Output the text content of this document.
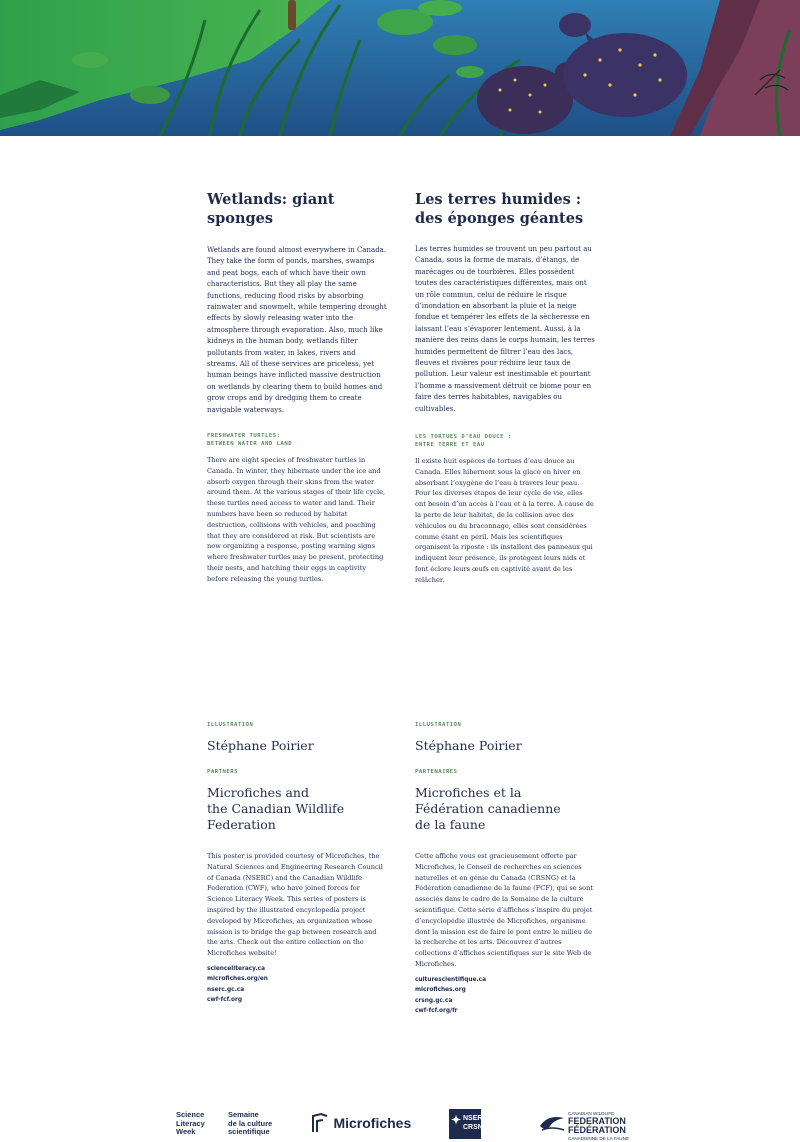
Wetlands: giant sponges

Wetlands are found almost everywhere in Canada. They take the form of ponds, marshes, swamps and peat bogs, each of which have their own characteristics. But they all play the same functions, reducing flood risks by absorbing rainwater and snowmelt, while tempering drought effects by slowly releasing water into the atmosphere through evaporation. Also, much like kidneys in the human body, wetlands filter pollutants from water, in lakes, rivers and streams. All of these services are priceless, yet human beings have inflicted massive destruction on wetlands by clearing them to build homes and grow crops and by dredging them to create navigable waterways.

FRESHWATER TURTLES:
BETWEEN WATER AND LAND

There are eight species of freshwater turtles in Canada. In winter, they hibernate under the ice and absorb oxygen through their skins from the water around them. At the various stages of their life cycle, these turtles need access to water and land. Their numbers have been so reduced by habitat destruction, collisions with vehicles, and poaching that they are considered at risk. But scientists are now organizing a response, posting warning signs where freshwater turtles may be present, protecting their nests, and hatching their eggs in captivity before releasing the young turtles.

Les terres humides :
des éponges géantes

Les terres humides se trouvent un peu partout au Canada, sous la forme de marais, d’étangs, de marécages ou de tourbières. Elles possèdent toutes des caractéristiques différentes, mais ont un rôle commun, celui de réduire le risque d’inondation en absorbant la pluie et la neige fondue et tempérer les effets de la sècheresse en laissant l’eau s’évaporer lentement. Aussi, à la manière des reins dans le corps humain, les terres humides permettent de filtrer l’eau des lacs, fleuves et rivières pour réduire leur taux de pollution. Leur valeur est inestimable et pourtant l’homme a massivement détruit ce biome pour en faire des terres habitables, navigables ou cultivables.

LES TORTUES D’EAU DOUCE :
ENTRE TERRE ET EAU

Il existe huit espèces de tortues d’eau douce au Canada. Elles hibernent sous la glace en hiver en absorbant l’oxygène de l’eau à travers leur peau. Pour les diverses étapes de leur cycle de vie, elles ont besoin d’un accès à l’eau et à la terre. À cause de la perte de leur habitat, de la collision avec des véhicules ou du braconnage, elles sont considérées comme étant en péril. Mais les scientifiques organisent la riposte : ils installent des panneaux qui indiquent leur présence, ils protègent leurs nids et font éclore leurs œufs en captivité avant de les relâcher.

ILLUSTRATION

Stéphane Poirier

PARTNERS

Microfiches and
the Canadian Wildlife
Federation

This poster is provided courtesy of Microfiches, the Natural Sciences and Engineering Research Council of Canada (NSERC) and the Canadian Wildlife Federation (CWF), who have joined forces for Science Literacy Week. This series of posters is inspired by the illustrated encyclopedia project developed by Microfiches, an organization whose mission is to bridge the gap between research and the arts. Check out the entire collection on the Microfiches website!

scienceliteracy.ca
microfiches.org/en
nserc.gc.ca
cwf-fcf.org

ILLUSTRATION

Stéphane Poirier

PARTENAIRES

Microfiches et la
Fédération canadienne
de la faune

Cette affiche vous est gracieusement offerte par Microfiches, le Conseil de recherches en sciences naturelles et en génie du Canada (CRSNG) et la Fédération canadienne de la faune (FCF), qui se sont associés dans le cadre de la Semaine de la culture scientifique. Cette série d’affiches s’inspire du projet d’encyclopédie illustrée de Microfiches, organisme dont la mission est de faire le pont entre le milieu de la recherche et les arts. Découvrez d’autres collections d’affiches scientifiques sur le site Web de Microfiches.

culturescientifique.ca
microfiches.org
crsng.gc.ca
cwf-fcf.org/fr

Science
Literacy
Week
Semaine
de la culture
scientifique
Microfiches	✦ NSERC
CRSNG
CANADIAN WILDLIFE
FEDERATION
FÉDÉRATION
CANADIENNE DE LA FAUNE
